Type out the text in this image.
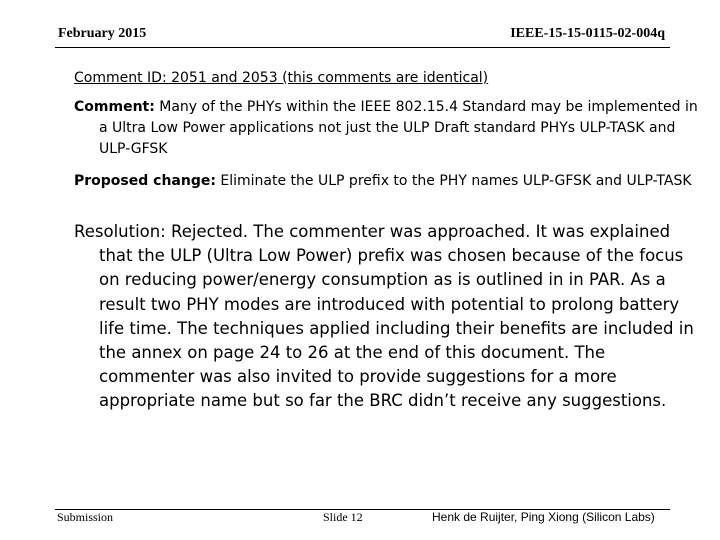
February 2015	IEEE-15-15-0115-02-004q
Comment ID: 2051 and 2053 (this comments are identical)
Comment: Many of the PHYs within the IEEE 802.15.4 Standard may be implemented in a Ultra Low Power applications not just the ULP Draft standard PHYs ULP-TASK and ULP-GFSK
Proposed change: Eliminate the ULP prefix to the PHY names ULP-GFSK and ULP-TASK
Resolution: Rejected. The commenter was approached. It was explained that the ULP (Ultra Low Power) prefix was chosen because of the focus on reducing power/energy consumption as is outlined in in PAR. As a result two PHY modes are introduced with potential to prolong battery life time. The techniques applied including their benefits are included in the annex on page 24 to 26 at the end of this document. The commenter was also invited to provide suggestions for a more appropriate name but so far the BRC didn’t receive any suggestions.
Submission	Slide 12	Henk de Ruijter, Ping Xiong (Silicon Labs)
